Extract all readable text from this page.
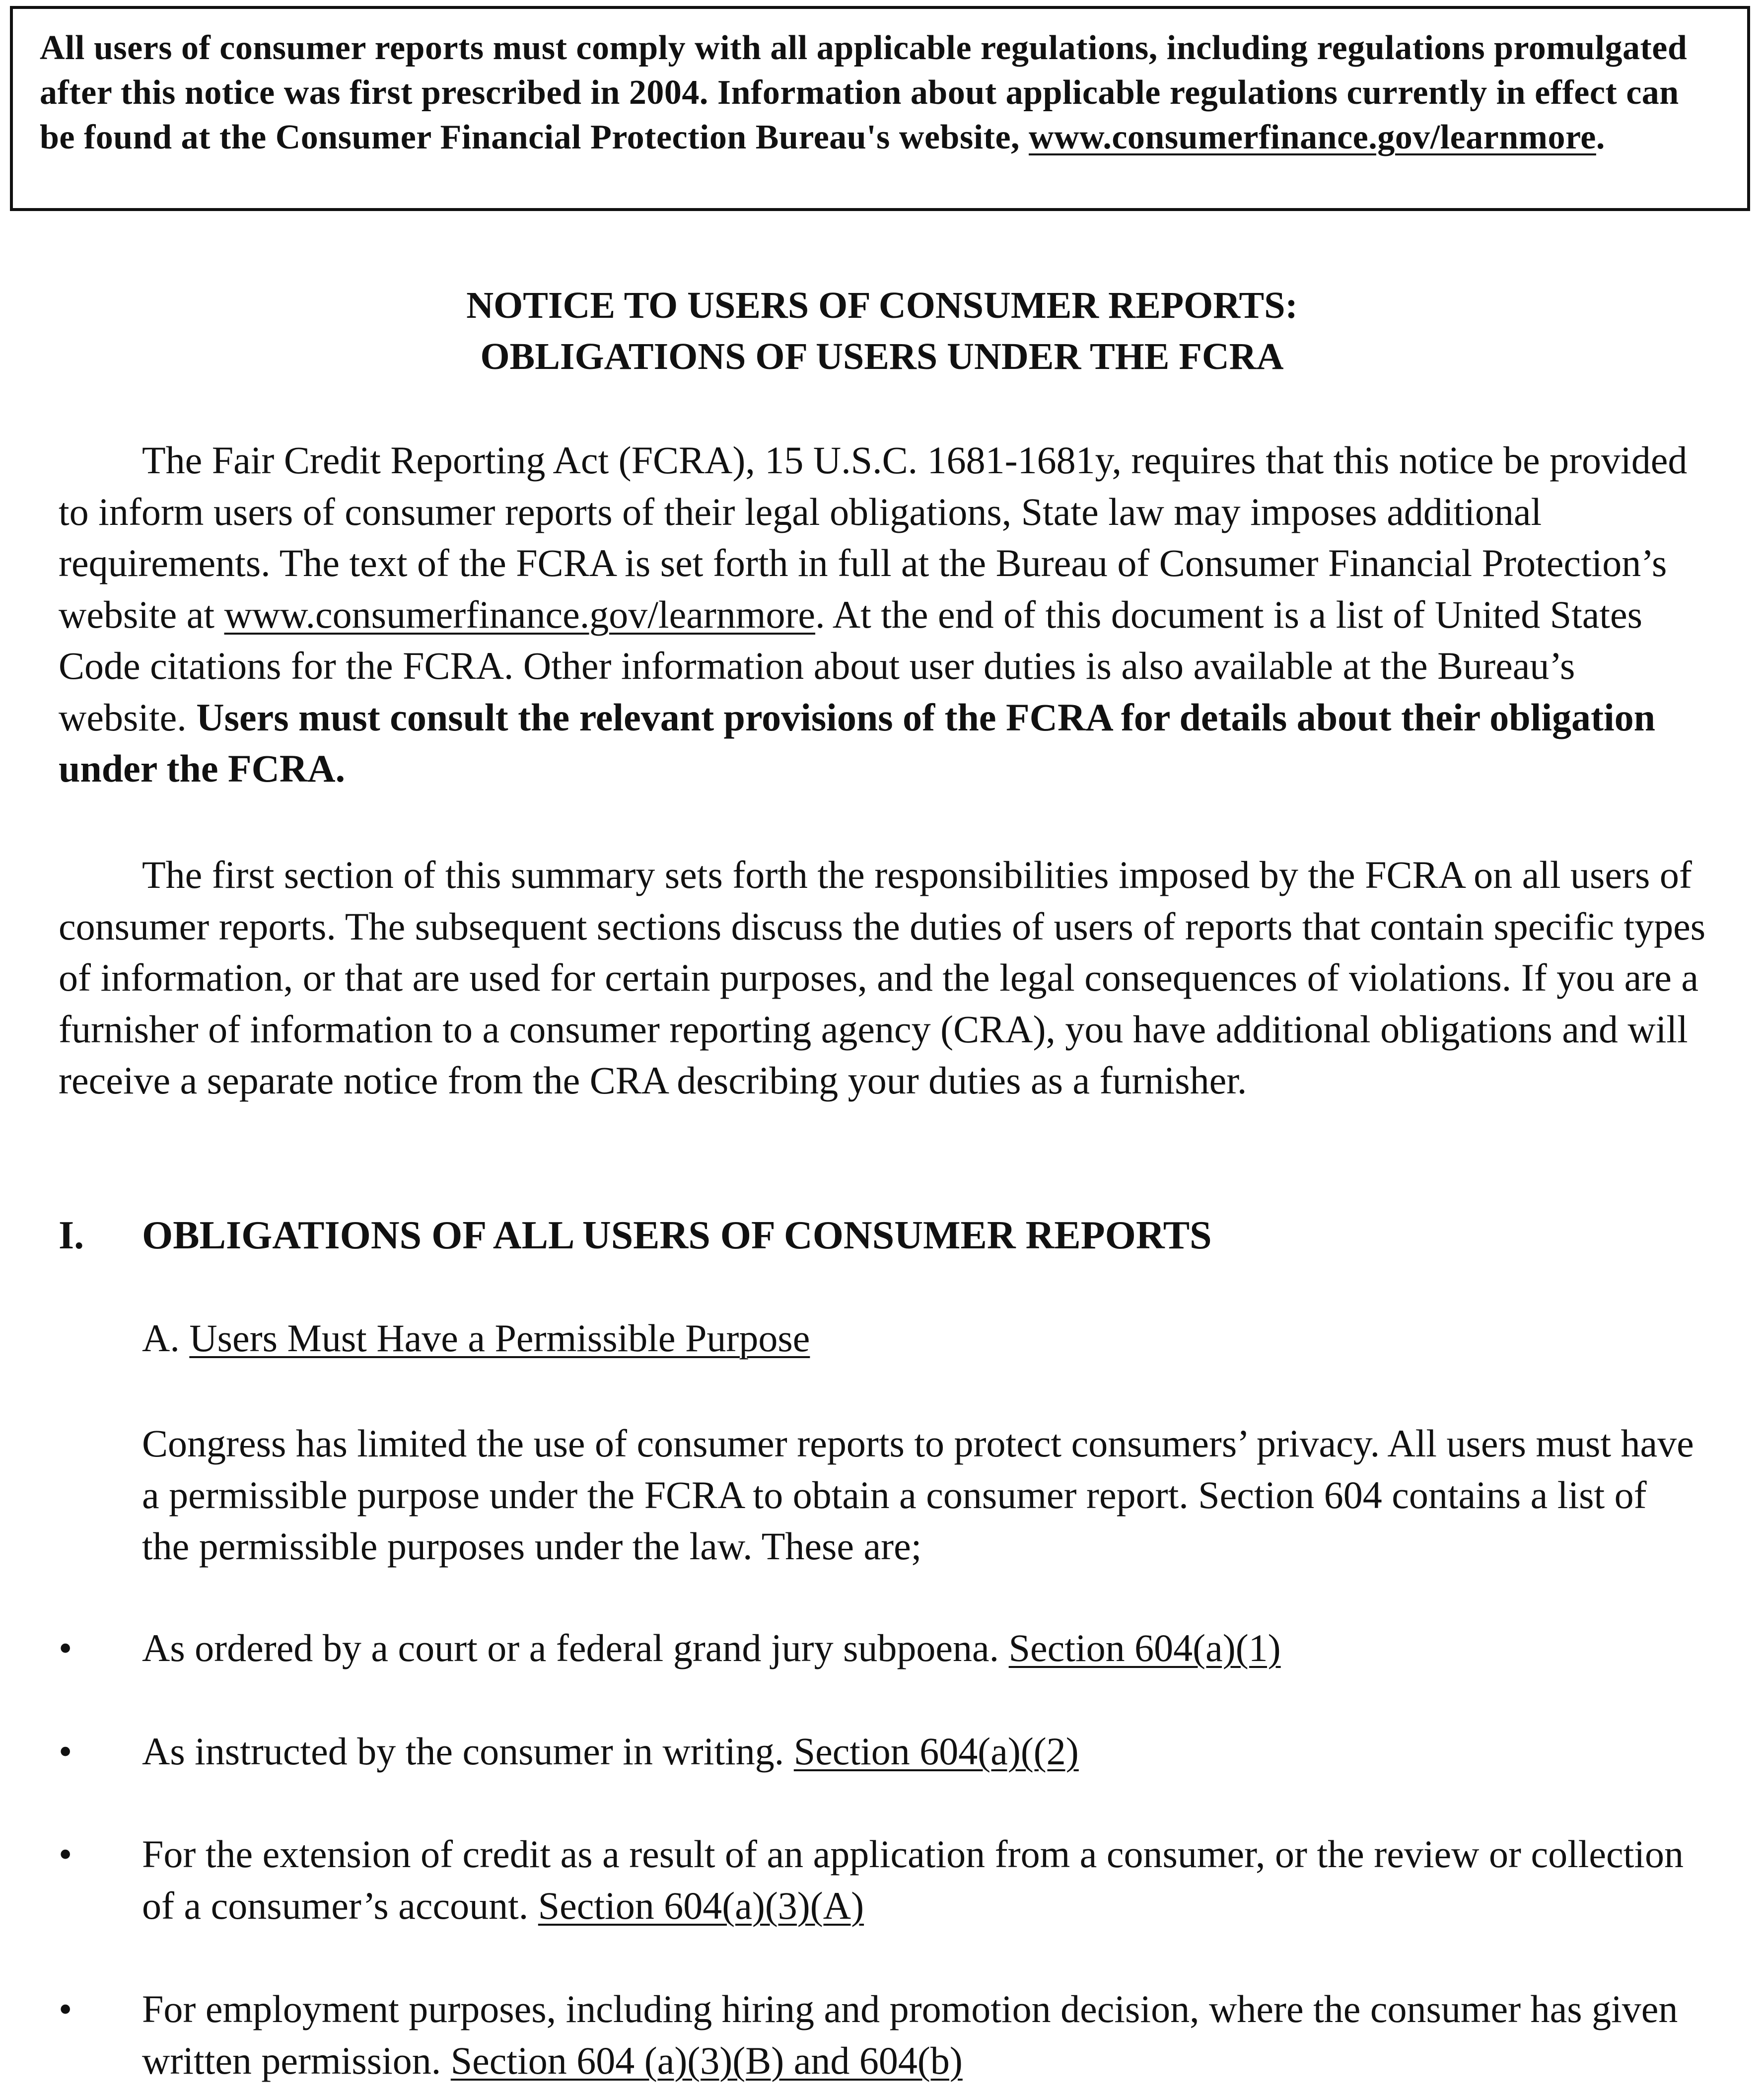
All users of consumer reports must comply with all applicable regulations, including regulations promulgated after this notice was first prescribed in 2004. Information about applicable regulations currently in effect can be found at the Consumer Financial Protection Bureau's website, www.consumerfinance.gov/learnmore.
NOTICE TO USERS OF CONSUMER REPORTS:
OBLIGATIONS OF USERS UNDER THE FCRA
The Fair Credit Reporting Act (FCRA), 15 U.S.C. 1681-1681y, requires that this notice be provided to inform users of consumer reports of their legal obligations, State law may imposes additional requirements. The text of the FCRA is set forth in full at the Bureau of Consumer Financial Protection’s website at www.consumerfinance.gov/learnmore. At the end of this document is a list of United States Code citations for the FCRA. Other information about user duties is also available at the Bureau’s website. Users must consult the relevant provisions of the FCRA for details about their obligation under the FCRA.
The first section of this summary sets forth the responsibilities imposed by the FCRA on all users of consumer reports. The subsequent sections discuss the duties of users of reports that contain specific types of information, or that are used for certain purposes, and the legal consequences of violations. If you are a furnisher of information to a consumer reporting agency (CRA), you have additional obligations and will receive a separate notice from the CRA describing your duties as a furnisher.
I. OBLIGATIONS OF ALL USERS OF CONSUMER REPORTS
A. Users Must Have a Permissible Purpose
Congress has limited the use of consumer reports to protect consumers’ privacy. All users must have a permissible purpose under the FCRA to obtain a consumer report. Section 604 contains a list of the permissible purposes under the law. These are;
• As ordered by a court or a federal grand jury subpoena. Section 604(a)(1)
• As instructed by the consumer in writing. Section 604(a)((2)
• For the extension of credit as a result of an application from a consumer, or the review or collection of a consumer’s account. Section 604(a)(3)(A)
• For employment purposes, including hiring and promotion decision, where the consumer has given written permission. Section 604 (a)(3)(B) and 604(b)
